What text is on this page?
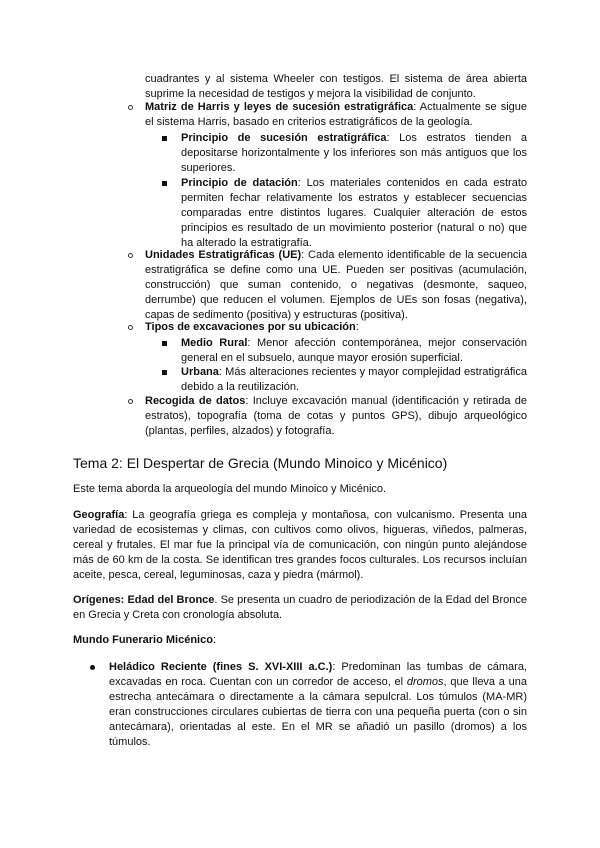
cuadrantes y al sistema Wheeler con testigos. El sistema de área abierta suprime la necesidad de testigos y mejora la visibilidad de conjunto.

Matriz de Harris y leyes de sucesión estratigráfica: Actualmente se sigue el sistema Harris, basado en criterios estratigráficos de la geología.

Principio de sucesión estratigráfica: Los estratos tienden a depositarse horizontalmente y los inferiores son más antiguos que los superiores.

Principio de datación: Los materiales contenidos en cada estrato permiten fechar relativamente los estratos y establecer secuencias comparadas entre distintos lugares. Cualquier alteración de estos principios es resultado de un movimiento posterior (natural o no) que ha alterado la estratigrafía.

Unidades Estratigráficas (UE): Cada elemento identificable de la secuencia estratigráfica se define como una UE. Pueden ser positivas (acumulación, construcción) que suman contenido, o negativas (desmonte, saqueo, derrumbe) que reducen el volumen. Ejemplos de UEs son fosas (negativa), capas de sedimento (positiva) y estructuras (positiva).

Tipos de excavaciones por su ubicación:

Medio Rural: Menor afección contemporánea, mejor conservación general en el subsuelo, aunque mayor erosión superficial.

Urbana: Más alteraciones recientes y mayor complejidad estratigráfica debido a la reutilización.

Recogida de datos: Incluye excavación manual (identificación y retirada de estratos), topografía (toma de cotas y puntos GPS), dibujo arqueológico (plantas, perfiles, alzados) y fotografía.

Tema 2: El Despertar de Grecia (Mundo Minoico y Micénico)

Este tema aborda la arqueología del mundo Minoico y Micénico.

Geografía: La geografía griega es compleja y montañosa, con vulcanismo. Presenta una variedad de ecosistemas y climas, con cultivos como olivos, higueras, viñedos, palmeras, cereal y frutales. El mar fue la principal vía de comunicación, con ningún punto alejándose más de 60 km de la costa. Se identifican tres grandes focos culturales. Los recursos incluían aceite, pesca, cereal, leguminosas, caza y piedra (mármol).

Orígenes: Edad del Bronce. Se presenta un cuadro de periodización de la Edad del Bronce en Grecia y Creta con cronología absoluta.

Mundo Funerario Micénico:

Heládico Reciente (fines S. XVI-XIII a.C.): Predominan las tumbas de cámara, excavadas en roca. Cuentan con un corredor de acceso, el dromos, que lleva a una estrecha antecámara o directamente a la cámara sepulcral. Los túmulos (MA-MR) eran construcciones circulares cubiertas de tierra con una pequeña puerta (con o sin antecámara), orientadas al este. En el MR se añadió un pasillo (dromos) a los túmulos.
